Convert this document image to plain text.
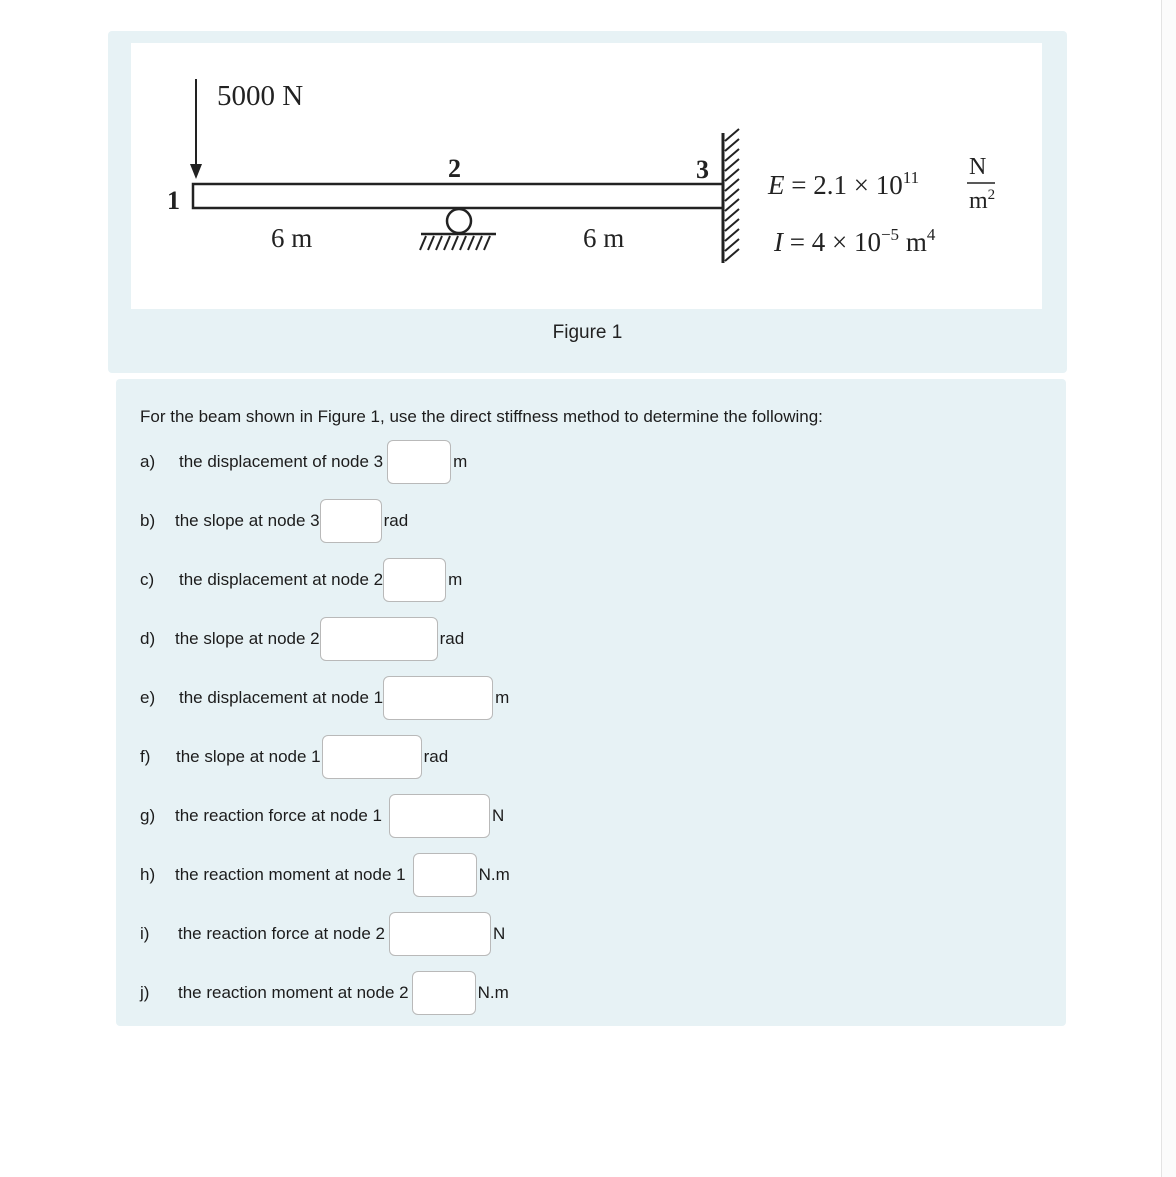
5000 N
1
2	3
6 m	6 m
$E = 2.1 \times 10^{11}$ N
$m^2$
$I = 4 \times 10^{-5}$ $m^4$
Figure 1
For the beam shown in Figure 1, use the direct stiffness method to determine the following:
a)	the displacement of node 3	m
b)	the slope at node 3	rad
c)	the displacement at node 2	m
d)	the slope at node 2	rad
e)	the displacement at node 1	m
f)	the slope at node 1	rad
g)	the reaction force at node 1	N
h)	the reaction moment at node 1	N.m
i)	the reaction force at node 2	N
j)	the reaction moment at node 2	N.m
